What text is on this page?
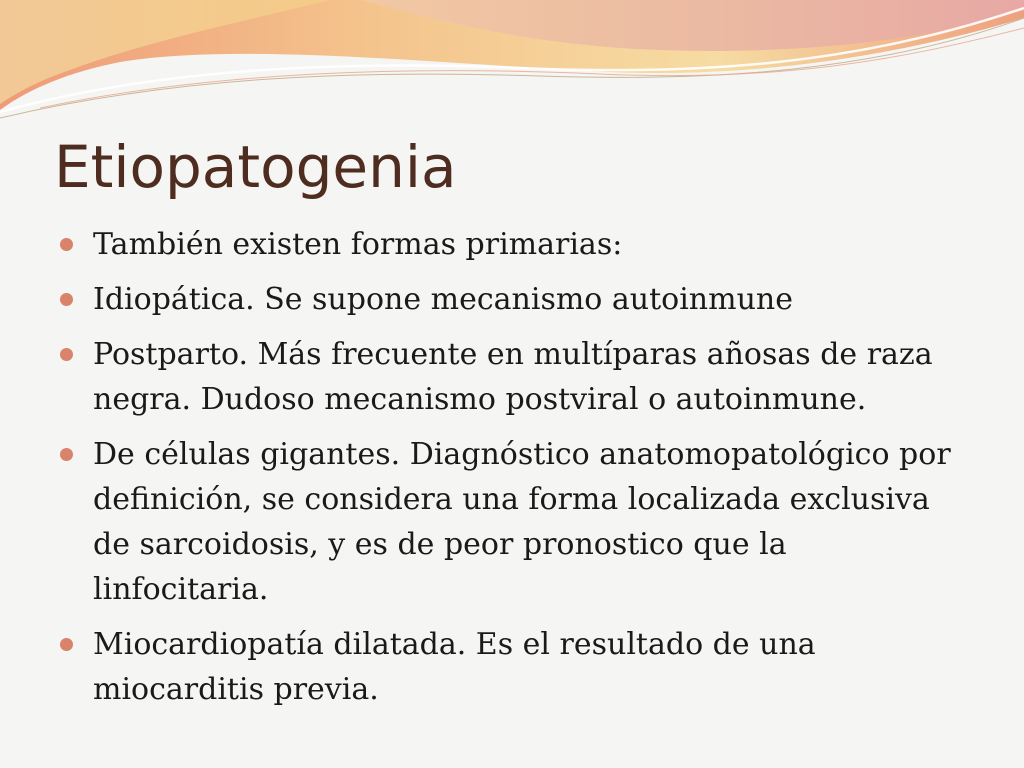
Etiopatogenia
También existen formas primarias:
Idiopática. Se supone mecanismo autoinmune
Postparto. Más frecuente en multíparas añosas de raza negra. Dudoso mecanismo postviral o autoinmune.
De células gigantes. Diagnóstico anatomopatológico por definición, se considera una forma localizada exclusiva de sarcoidosis, y es de peor pronostico que la linfocitaria.
Miocardiopatía dilatada. Es el resultado de una miocarditis previa.
